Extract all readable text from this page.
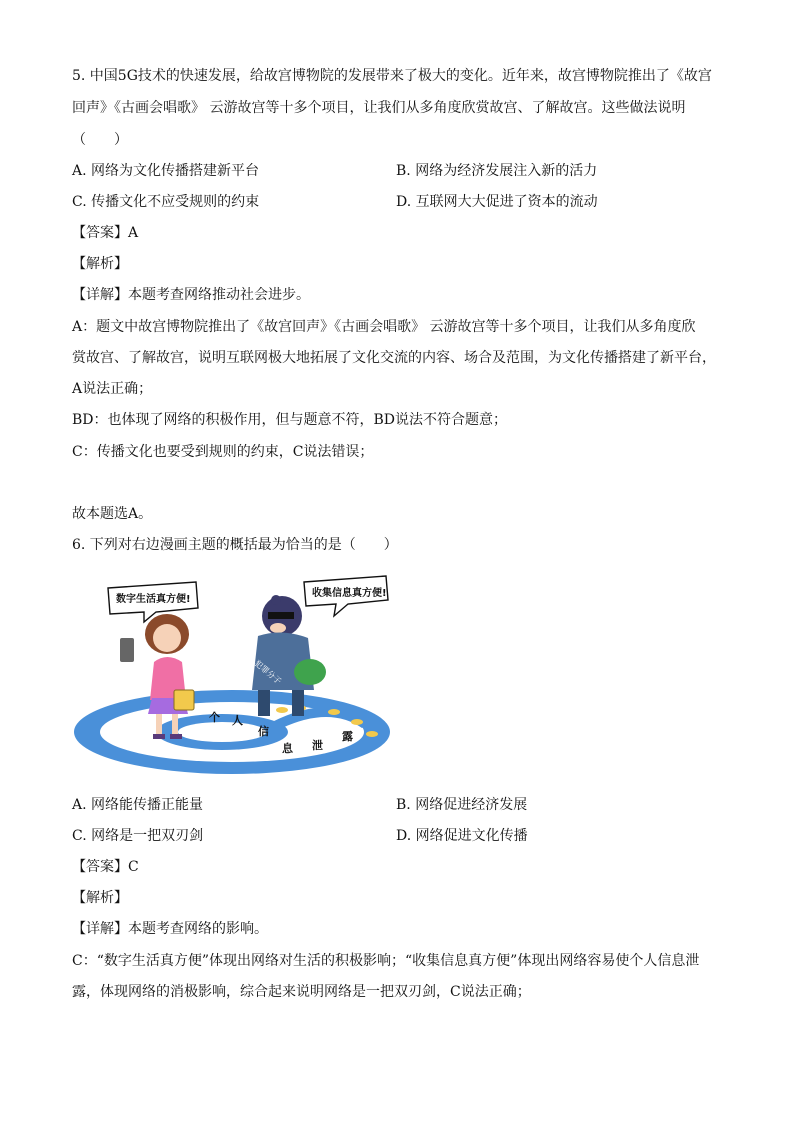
5. 中国5G技术的快速发展，给故宫博物院的发展带来了极大的变化。近年来，故宫博物院推出了《故宫
回声》《古画会唱歌》 云游故宫等十多个项目，让我们从多角度欣赏故宫、了解故宫。这些做法说明
（　　）
A. 网络为文化传播搭建新平台	B. 网络为经济发展注入新的活力
C. 传播文化不应受规则的约束	D. 互联网大大促进了资本的流动
【答案】A
【解析】
【详解】本题考查网络推动社会进步。
A：题文中故宫博物院推出了《故宫回声》《古画会唱歌》 云游故宫等十多个项目，让我们从多角度欣
赏故宫、了解故宫，说明互联网极大地拓展了文化交流的内容、场合及范围，为文化传播搭建了新平台，
A说法正确；
BD：也体现了网络的积极作用，但与题意不符，BD说法不符合题意；
C：传播文化也要受到规则的约束，C说法错误；
故本题选A。
6. 下列对右边漫画主题的概括最为恰当的是（　　）
个 人
信
息 泄
露
数字生活真方便!
犯罪分子
收集信息真方便!
A. 网络能传播正能量	B. 网络促进经济发展
C. 网络是一把双刃剑	D. 网络促进文化传播
【答案】C
【解析】
【详解】本题考查网络的影响。
C：“数字生活真方便”体现出网络对生活的积极影响；“收集信息真方便”体现出网络容易使个人信息泄
露，体现网络的消极影响，综合起来说明网络是一把双刃剑，C说法正确；
